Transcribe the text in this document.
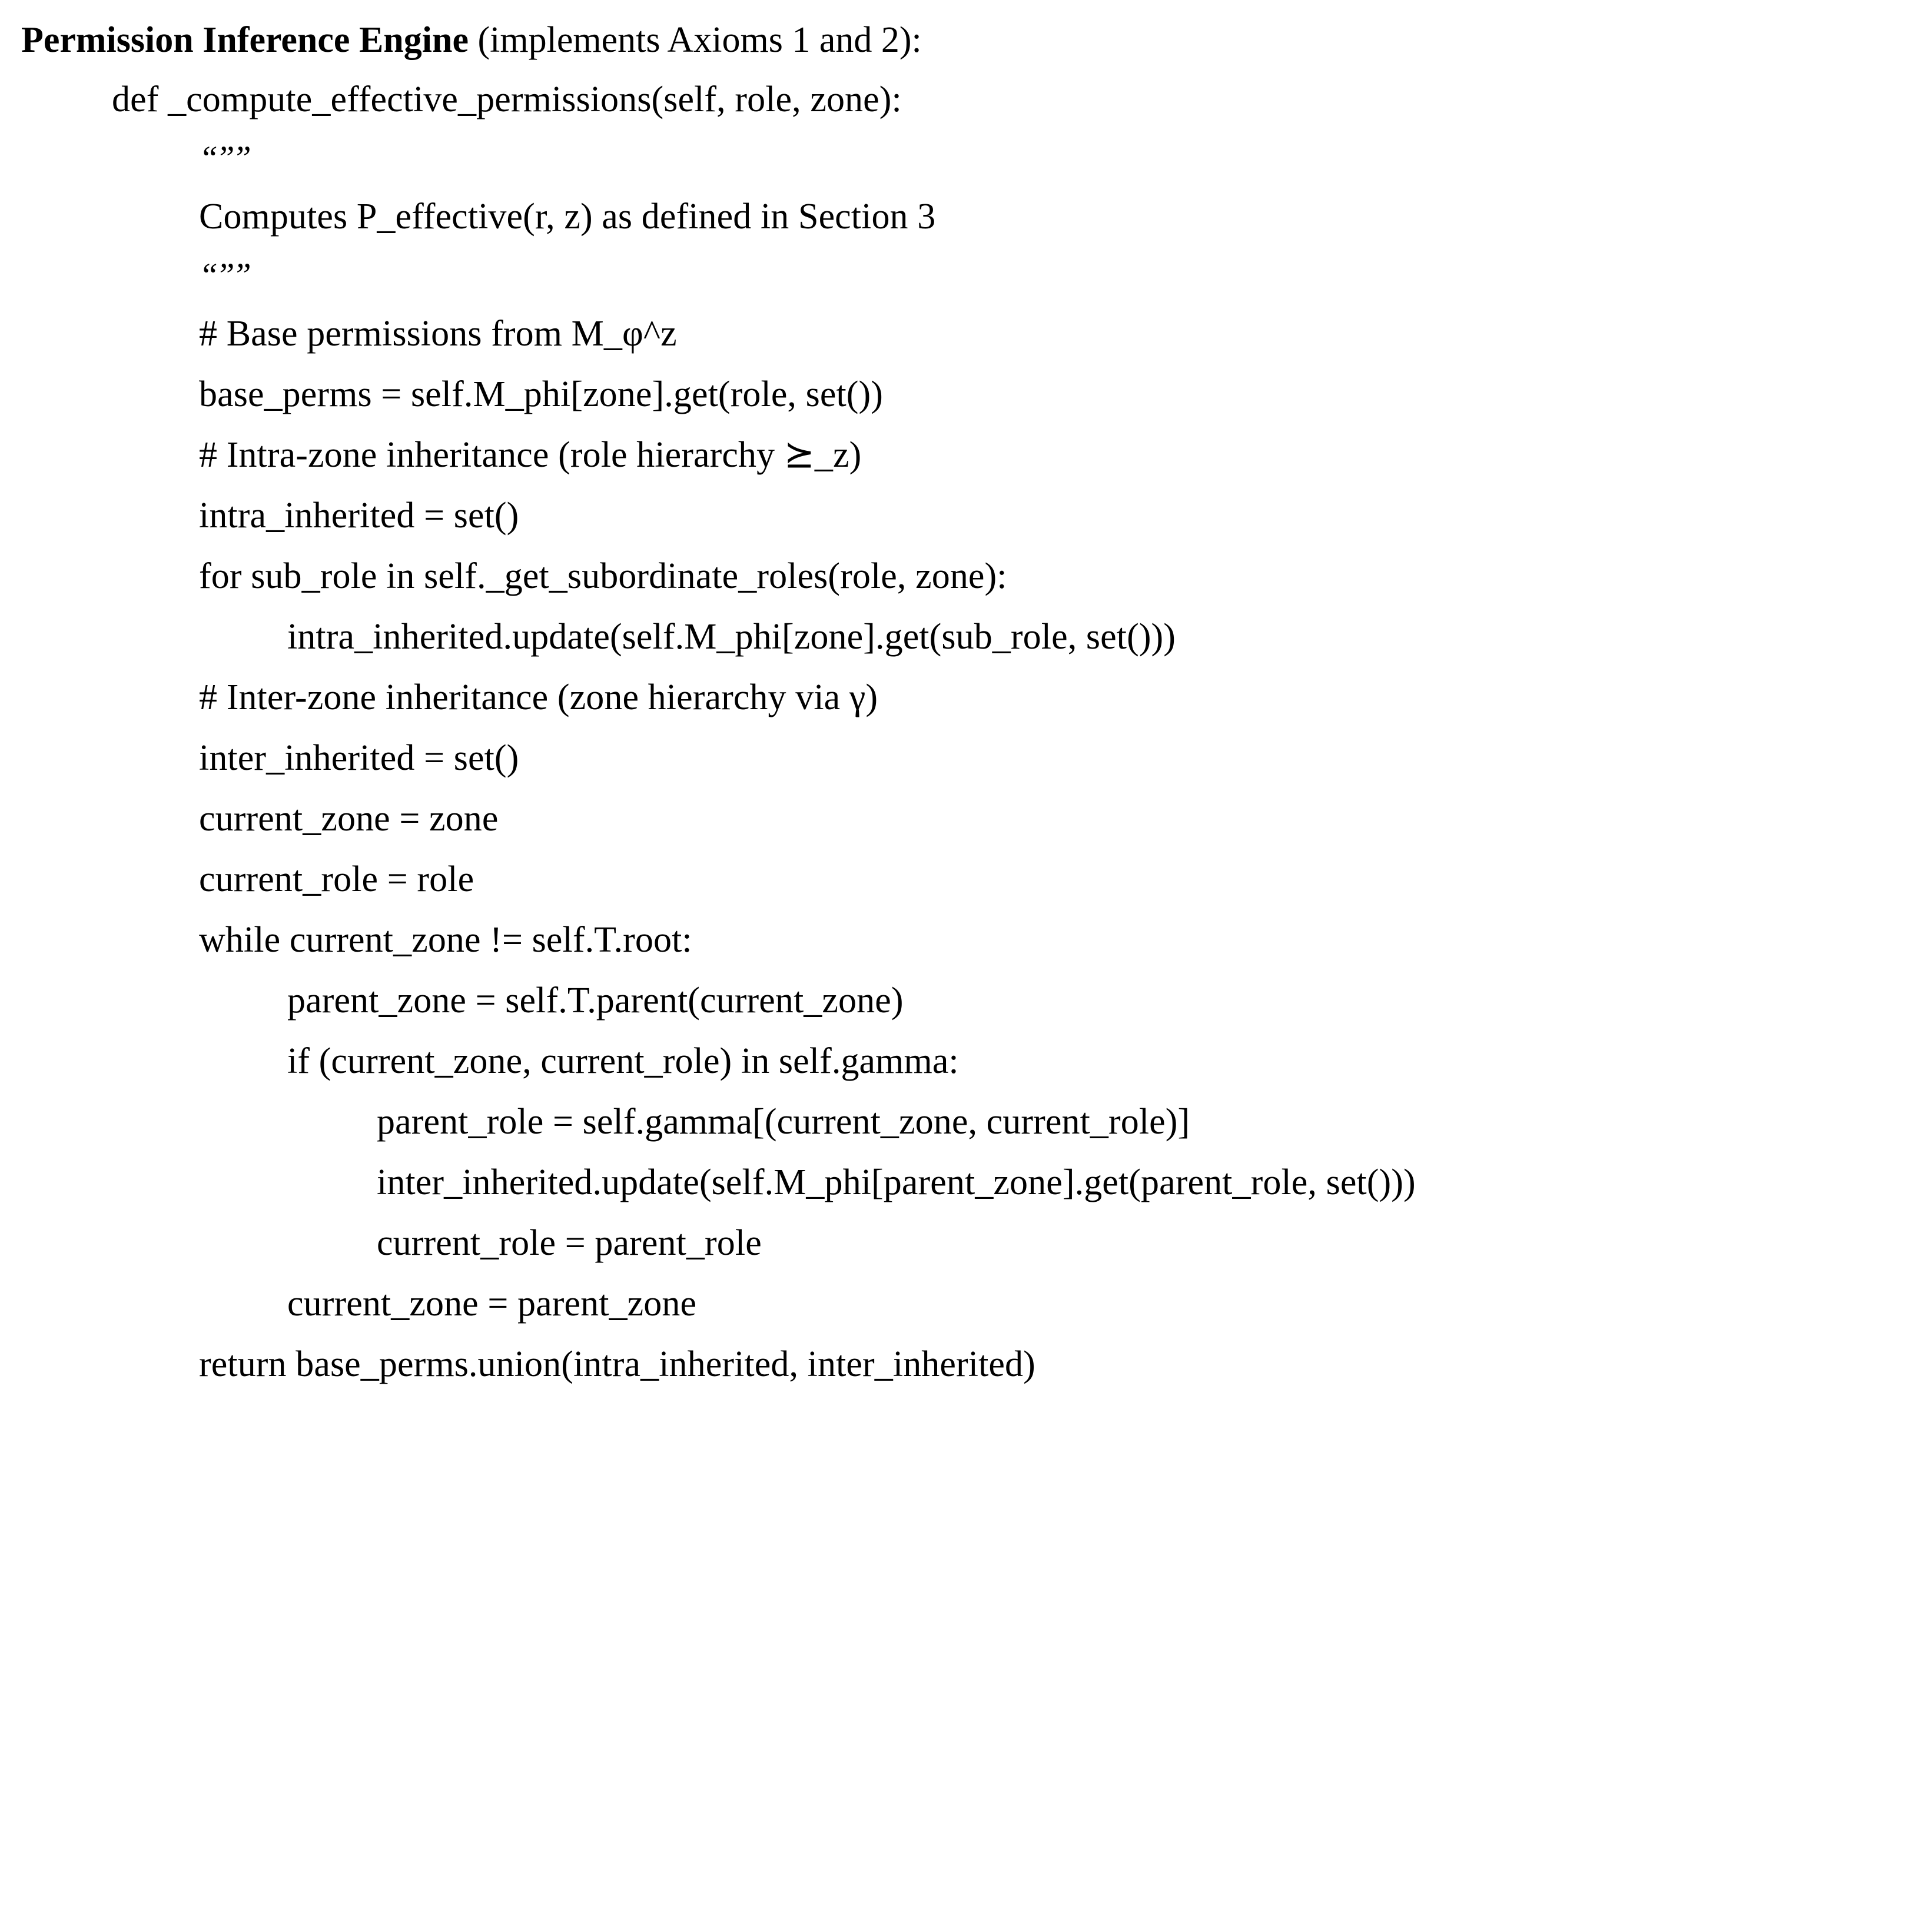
Permission Inference Engine (implements Axioms 1 and 2):
def _compute_effective_permissions(self, role, zone):
“””
Computes P_effective(r, z) as defined in Section 3
“””
# Base permissions from M_φ^z
base_perms = self.M_phi[zone].get(role, set())
# Intra-zone inheritance (role hierarchy ⪰_z)
intra_inherited = set()
for sub_role in self._get_subordinate_roles(role, zone):
intra_inherited.update(self.M_phi[zone].get(sub_role, set()))
# Inter-zone inheritance (zone hierarchy via γ)
inter_inherited = set()
current_zone = zone
current_role = role
while current_zone != self.T.root:
parent_zone = self.T.parent(current_zone)
if (current_zone, current_role) in self.gamma:
parent_role = self.gamma[(current_zone, current_role)]
inter_inherited.update(self.M_phi[parent_zone].get(parent_role, set()))
current_role = parent_role
current_zone = parent_zone
return base_perms.union(intra_inherited, inter_inherited)
